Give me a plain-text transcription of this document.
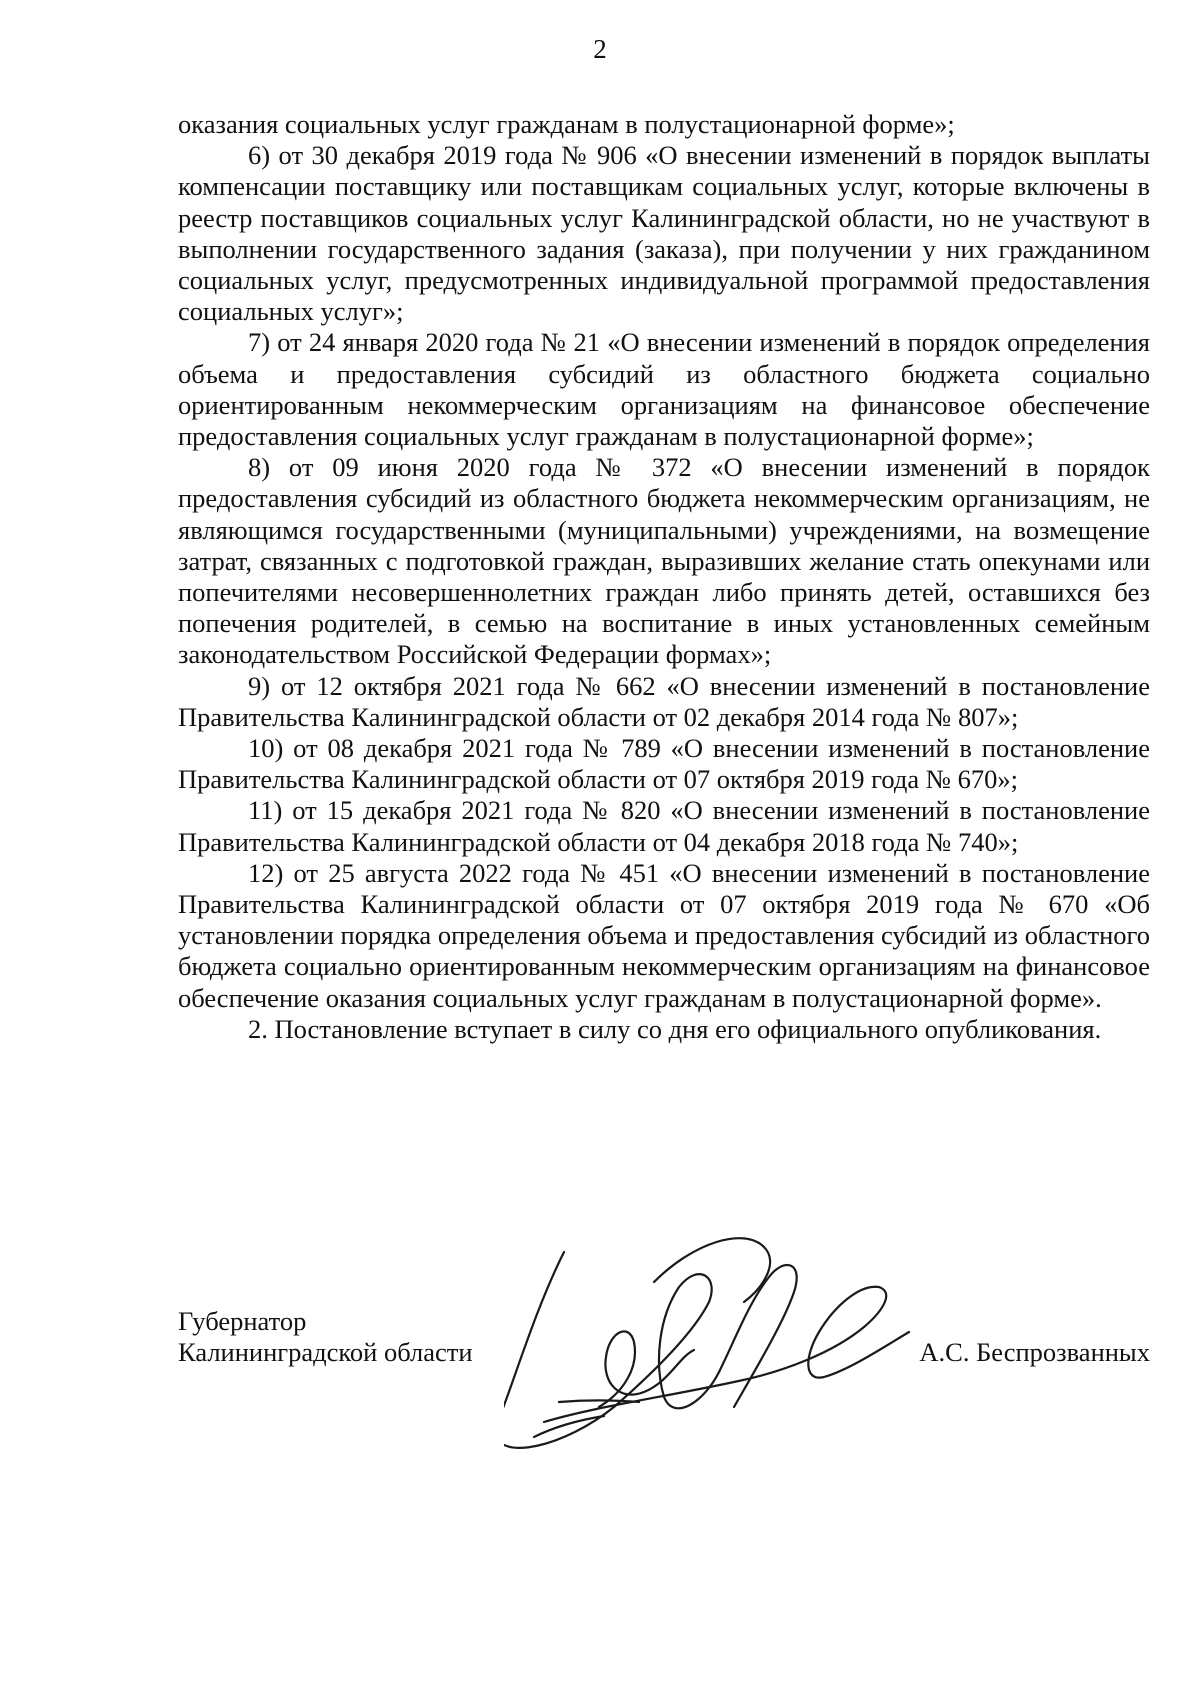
2

оказания социальных услуг гражданам в полустационарной форме»;

6) от 30 декабря 2019 года № 906 «О внесении изменений в порядок выплаты компенсации поставщику или поставщикам социальных услуг, которые включены в реестр поставщиков социальных услуг Калининградской области, но не участвуют в выполнении государственного задания (заказа), при получении у них гражданином социальных услуг, предусмотренных индивидуальной программой предоставления социальных услуг»;

7) от 24 января 2020 года № 21 «О внесении изменений в порядок определения объема и предоставления субсидий из областного бюджета социально ориентированным некоммерческим организациям на финансовое обеспечение предоставления социальных услуг гражданам в полустационарной форме»;

8) от 09 июня 2020 года № 372 «О внесении изменений в порядок предоставления субсидий из областного бюджета некоммерческим организациям, не являющимся государственными (муниципальными) учреждениями, на возмещение затрат, связанных с подготовкой граждан, выразивших желание стать опекунами или попечителями несовершеннолетних граждан либо принять детей, оставшихся без попечения родителей, в семью на воспитание в иных установленных семейным законодательством Российской Федерации формах»;

9) от 12 октября 2021 года № 662 «О внесении изменений в постановление Правительства Калининградской области от 02 декабря 2014 года № 807»;

10) от 08 декабря 2021 года № 789 «О внесении изменений в постановление Правительства Калининградской области от 07 октября 2019 года № 670»;

11) от 15 декабря 2021 года № 820 «О внесении изменений в постановление Правительства Калининградской области от 04 декабря 2018 года № 740»;

12) от 25 августа 2022 года № 451 «О внесении изменений в постановление Правительства Калининградской области от 07 октября 2019 года № 670 «Об установлении порядка определения объема и предоставления субсидий из областного бюджета социально ориентированным некоммерческим организациям на финансовое обеспечение оказания социальных услуг гражданам в полустационарной форме».

2. Постановление вступает в силу со дня его официального опубликования.

Губернатор
Калининградской области	А.С. Беспрозванных
